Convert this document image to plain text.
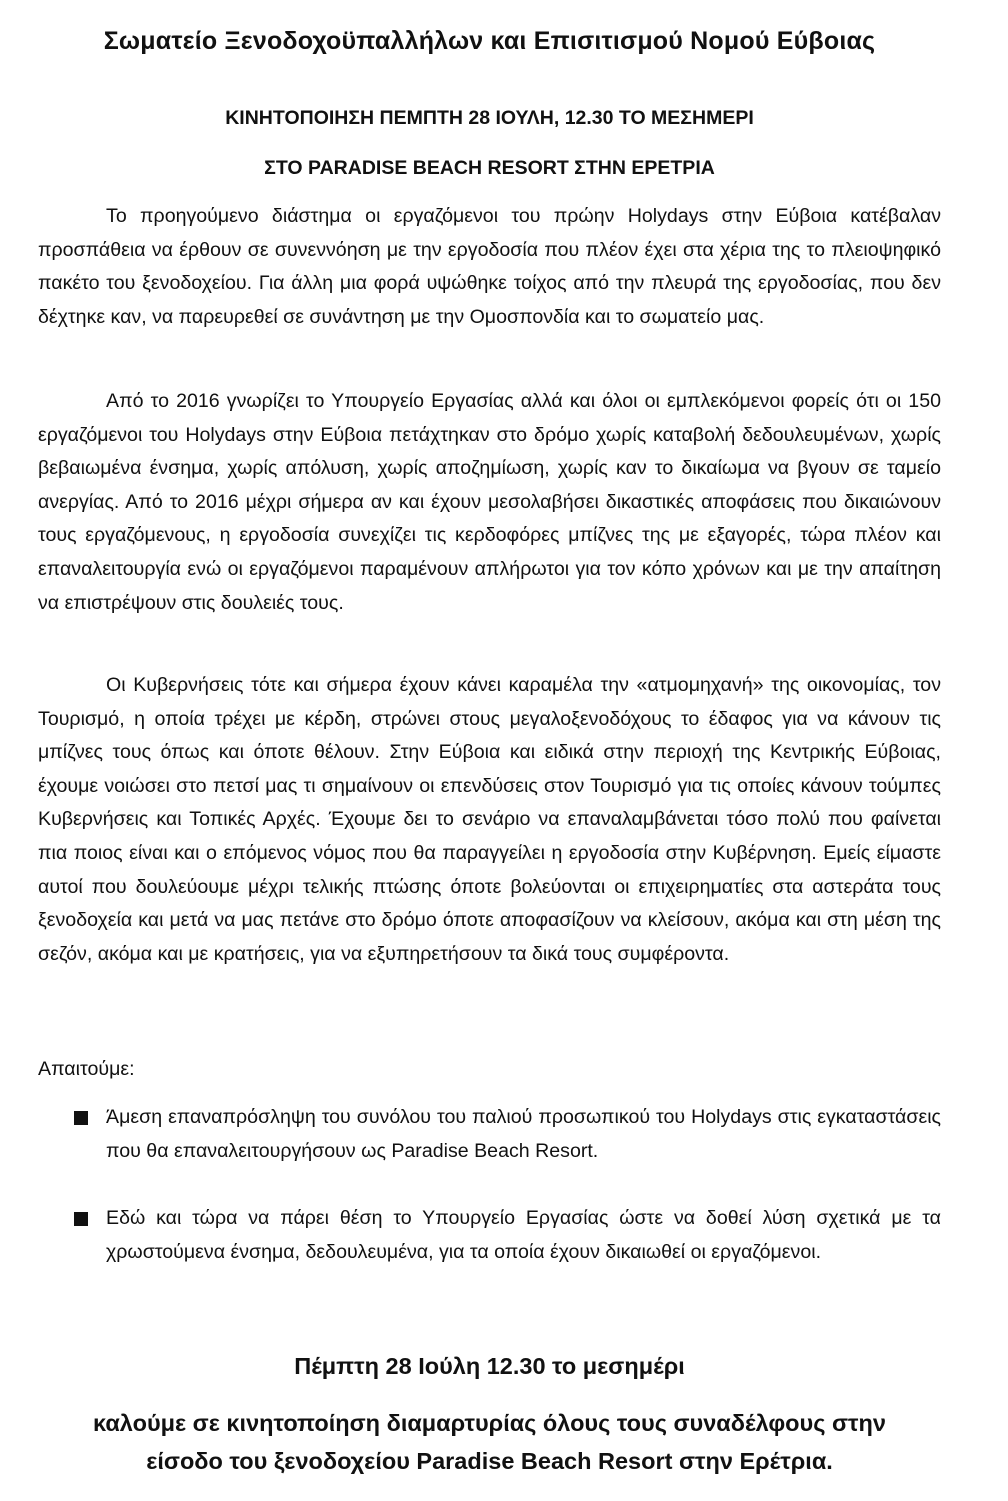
Σωματείο Ξενοδοχοϋπαλλήλων και Επισιτισμού Νομού Εύβοιας
ΚΙΝΗΤΟΠΟΙΗΣΗ ΠΕΜΠΤΗ 28 ΙΟΥΛΗ, 12.30 ΤΟ ΜΕΣΗΜΕΡΙ
ΣΤΟ PARADISE BEACH RESORT ΣΤΗΝ ΕΡΕΤΡΙΑ

Το προηγούμενο διάστημα οι εργαζόμενοι του πρώην Holydays στην Εύβοια κατέβαλαν προσπάθεια να έρθουν σε συνεννόηση με την εργοδοσία που πλέον έχει στα χέρια της το πλειοψηφικό πακέτο του ξενοδοχείου. Για άλλη μια φορά υψώθηκε τοίχος από την πλευρά της εργοδοσίας, που δεν δέχτηκε καν, να παρευρεθεί σε συνάντηση με την Ομοσπονδία και το σωματείο μας.

Από το 2016 γνωρίζει το Υπουργείο Εργασίας αλλά και όλοι οι εμπλεκόμενοι φορείς ότι οι 150 εργαζόμενοι του Holydays στην Εύβοια πετάχτηκαν στο δρόμο χωρίς καταβολή δεδουλευμένων, χωρίς βεβαιωμένα ένσημα, χωρίς απόλυση, χωρίς αποζημίωση, χωρίς καν το δικαίωμα να βγουν σε ταμείο ανεργίας. Από το 2016 μέχρι σήμερα αν και έχουν μεσολαβήσει δικαστικές αποφάσεις που δικαιώνουν τους εργαζόμενους, η εργοδοσία συνεχίζει τις κερδοφόρες μπίζνες της με εξαγορές, τώρα πλέον και επαναλειτουργία ενώ οι εργαζόμενοι παραμένουν απλήρωτοι για τον κόπο χρόνων και με την απαίτηση να επιστρέψουν στις δουλειές τους.

Οι Κυβερνήσεις τότε και σήμερα έχουν κάνει καραμέλα την «ατμομηχανή» της οικονομίας, τον Τουρισμό, η οποία τρέχει με κέρδη, στρώνει στους μεγαλοξενοδόχους το έδαφος για να κάνουν τις μπίζνες τους όπως και όποτε θέλουν. Στην Εύβοια και ειδικά στην περιοχή της Κεντρικής Εύβοιας, έχουμε νοιώσει στο πετσί μας τι σημαίνουν οι επενδύσεις στον Τουρισμό για τις οποίες κάνουν τούμπες Κυβερνήσεις και Τοπικές Αρχές. Έχουμε δει το σενάριο να επαναλαμβάνεται τόσο πολύ που φαίνεται πια ποιος είναι και ο επόμενος νόμος που θα παραγγείλει η εργοδοσία στην Κυβέρνηση. Εμείς είμαστε αυτοί που δουλεύουμε μέχρι τελικής πτώσης όποτε βολεύονται οι επιχειρηματίες στα αστεράτα τους ξενοδοχεία και μετά να μας πετάνε στο δρόμο όποτε αποφασίζουν να κλείσουν, ακόμα και στη μέση της σεζόν, ακόμα και με κρατήσεις, για να εξυπηρετήσουν τα δικά τους συμφέροντα.

Απαιτούμε:

Άμεση επαναπρόσληψη του συνόλου του παλιού προσωπικού του Holydays στις εγκαταστάσεις που θα επαναλειτουργήσουν ως Paradise Beach Resort.
Εδώ και τώρα να πάρει θέση το Υπουργείο Εργασίας ώστε να δοθεί λύση σχετικά με τα χρωστούμενα ένσημα, δεδουλευμένα, για τα οποία έχουν δικαιωθεί οι εργαζόμενοι.
Πέμπτη 28 Ιούλη 12.30 το μεσημέρι
καλούμε σε κινητοποίηση διαμαρτυρίας όλους τους συναδέλφους στην
είσοδο του ξενοδοχείου Paradise Beach Resort στην Ερέτρια.
